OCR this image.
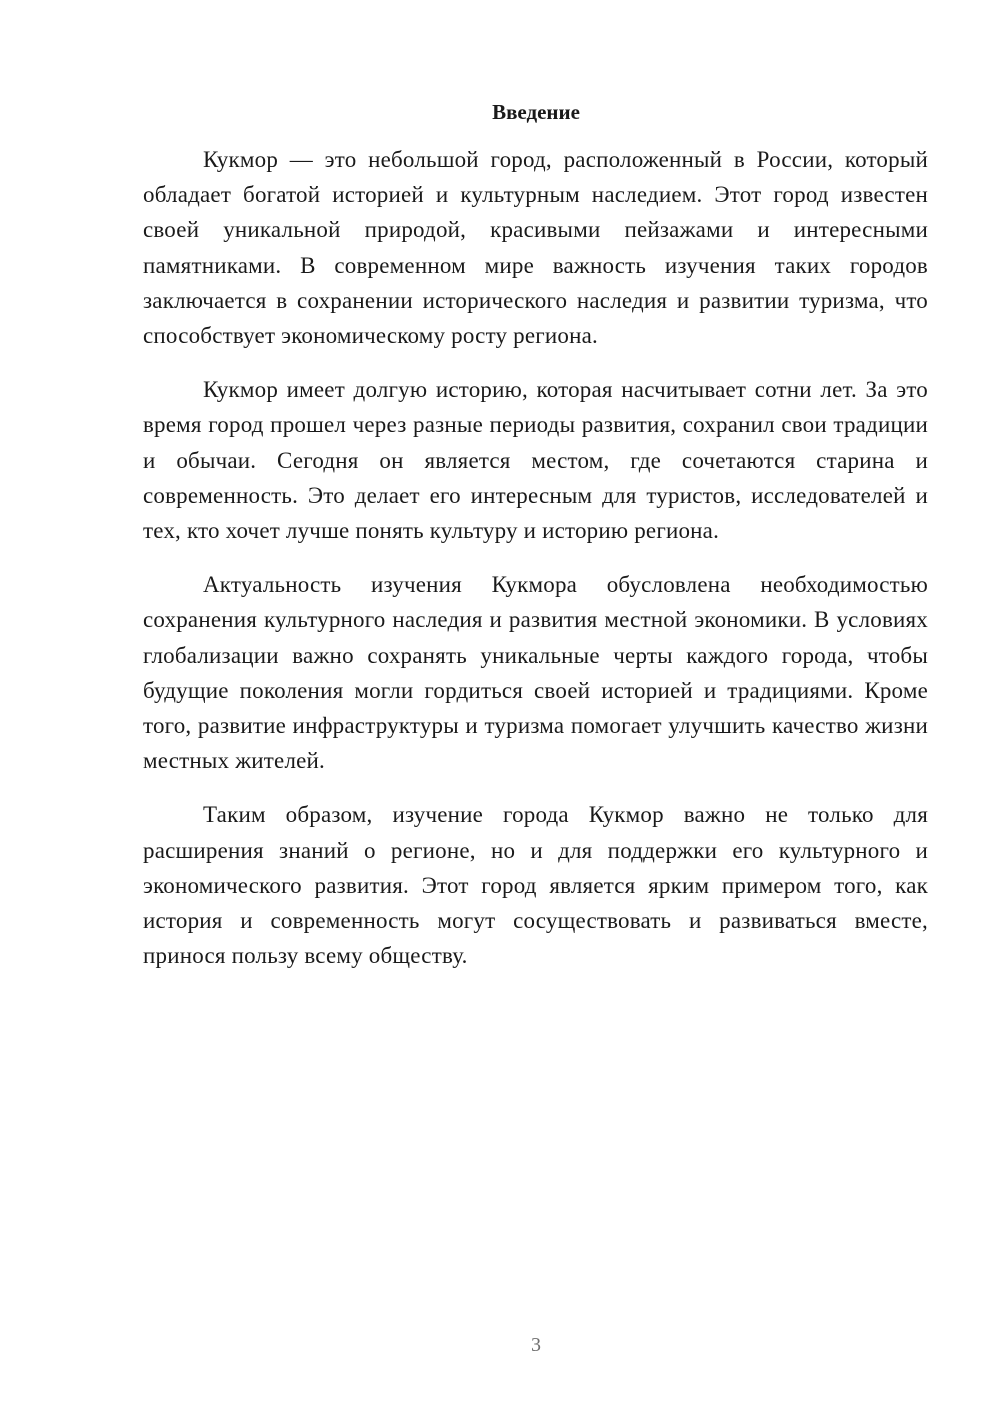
Введение

Кукмор — это небольшой город, расположенный в России, который обладает богатой историей и культурным наследием. Этот город известен своей уникальной природой, красивыми пейзажами и интересными памятниками. В современном мире важность изучения таких городов заключается в сохранении исторического наследия и развитии туризма, что способствует экономическому росту региона.

Кукмор имеет долгую историю, которая насчитывает сотни лет. За это время город прошел через разные периоды развития, сохранил свои традиции и обычаи. Сегодня он является местом, где сочетаются старина и современность. Это делает его интересным для туристов, исследователей и тех, кто хочет лучше понять культуру и историю региона.

Актуальность изучения Кукмора обусловлена необходимостью сохранения культурного наследия и развития местной экономики. В условиях глобализации важно сохранять уникальные черты каждого города, чтобы будущие поколения могли гордиться своей историей и традициями. Кроме того, развитие инфраструктуры и туризма помогает улучшить качество жизни местных жителей.

Таким образом, изучение города Кукмор важно не только для расширения знаний о регионе, но и для поддержки его культурного и экономического развития. Этот город является ярким примером того, как история и современность могут сосуществовать и развиваться вместе, принося пользу всему обществу.

3
